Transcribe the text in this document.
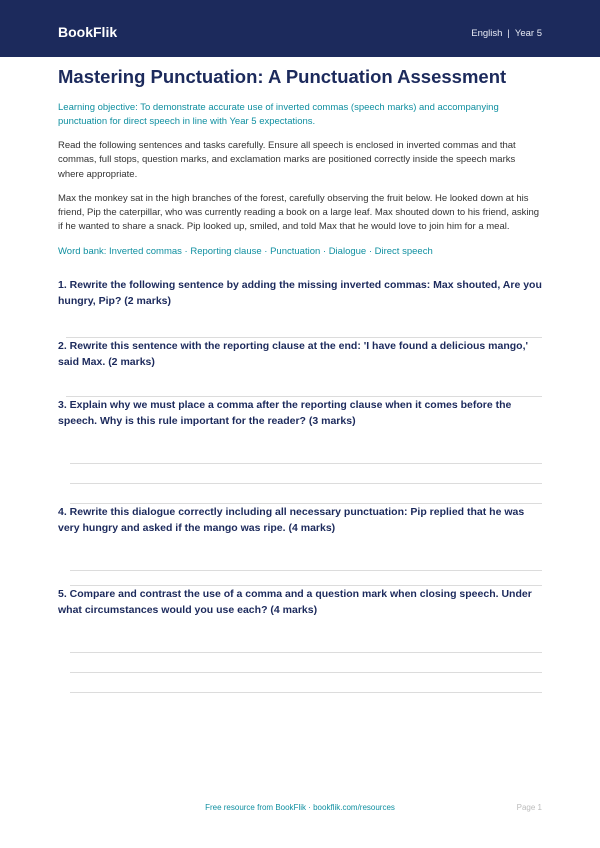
BookFlik	English | Year 5
Mastering Punctuation: A Punctuation Assessment

Learning objective: To demonstrate accurate use of inverted commas (speech marks) and accompanying punctuation for direct speech in line with Year 5 expectations.

Read the following sentences and tasks carefully. Ensure all speech is enclosed in inverted commas and that commas, full stops, question marks, and exclamation marks are positioned correctly inside the speech marks where appropriate.

Max the monkey sat in the high branches of the forest, carefully observing the fruit below. He looked down at his friend, Pip the caterpillar, who was currently reading a book on a large leaf. Max shouted down to his friend, asking if he wanted to share a snack. Pip looked up, smiled, and told Max that he would love to join him for a meal.

Word bank: Inverted commas · Reporting clause · Punctuation · Dialogue · Direct speech

1. Rewrite the following sentence by adding the missing inverted commas: Max shouted, Are you hungry, Pip? (2 marks)

2. Rewrite this sentence with the reporting clause at the end: 'I have found a delicious mango,' said Max. (2 marks)

3. Explain why we must place a comma after the reporting clause when it comes before the speech. Why is this rule important for the reader? (3 marks)

4. Rewrite this dialogue correctly including all necessary punctuation: Pip replied that he was very hungry and asked if the mango was ripe. (4 marks)

5. Compare and contrast the use of a comma and a question mark when closing speech. Under what circumstances would you use each? (4 marks)

Free resource from BookFlik · bookflik.com/resources	Page 1
